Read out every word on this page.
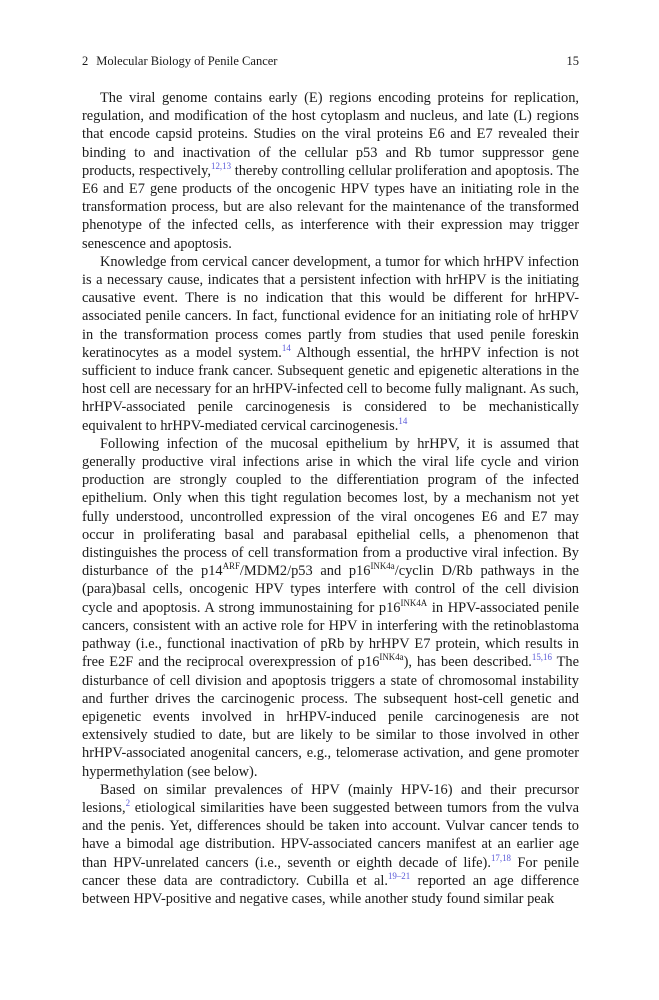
2 Molecular Biology of Penile Cancer	15

The viral genome contains early (E) regions encoding proteins for replication, regulation, and modification of the host cytoplasm and nucleus, and late (L) regions that encode capsid proteins. Studies on the viral proteins E6 and E7 revealed their binding to and inactivation of the cellular p53 and Rb tumor suppressor gene products, respectively,$^{12,13}$ thereby controlling cellular proliferation and apoptosis. The E6 and E7 gene products of the oncogenic HPV types have an initiating role in the transformation process, but are also relevant for the maintenance of the transformed phenotype of the infected cells, as interference with their expression may trigger senescence and apoptosis.

Knowledge from cervical cancer development, a tumor for which hrHPV infection is a necessary cause, indicates that a persistent infection with hrHPV is the initiating causative event. There is no indication that this would be different for hrHPV-associated penile cancers. In fact, functional evidence for an initiating role of hrHPV in the transformation process comes partly from studies that used penile foreskin keratinocytes as a model system.$^{14}$ Although essential, the hrHPV infection is not sufficient to induce frank cancer. Subsequent genetic and epigenetic alterations in the host cell are necessary for an hrHPV-infected cell to become fully malignant. As such, hrHPV-associated penile carcinogenesis is considered to be mechanistically equivalent to hrHPV-mediated cervical carcinogenesis.$^{14}$

Following infection of the mucosal epithelium by hrHPV, it is assumed that generally productive viral infections arise in which the viral life cycle and virion production are strongly coupled to the differentiation program of the infected epithelium. Only when this tight regulation becomes lost, by a mechanism not yet fully understood, uncontrolled expression of the viral oncogenes E6 and E7 may occur in proliferating basal and parabasal epithelial cells, a phenomenon that distinguishes the process of cell transformation from a productive viral infection. By disturbance of the $p14^{ARF}/MDM2/p53$ and $p16^{INK4a}$/cyclin D/Rb pathways in the (para)basal cells, oncogenic HPV types interfere with control of the cell division cycle and apoptosis. A strong immunostaining for $p16^{INK4A}$ in HPV-associated penile cancers, consistent with an active role for HPV in interfering with the retinoblastoma pathway (i.e., functional inactivation of pRb by hrHPV E7 protein, which results in free E2F and the reciprocal overexpression of $p16^{INK4a}$), has been described.$^{15,16}$ The disturbance of cell division and apoptosis triggers a state of chromosomal instability and further drives the carcinogenic process. The subsequent host-cell genetic and epigenetic events involved in hrHPV-induced penile carcinogenesis are not extensively studied to date, but are likely to be similar to those involved in other hrHPV-associated anogenital cancers, e.g., telomerase activation, and gene promoter hypermethylation (see below).

Based on similar prevalences of HPV (mainly HPV-16) and their precursor lesions,$^2$ etiological similarities have been suggested between tumors from the vulva and the penis. Yet, differences should be taken into account. Vulvar cancer tends to have a bimodal age distribution. HPV-associated cancers manifest at an earlier age than HPV-unrelated cancers (i.e., seventh or eighth decade of life).$^{17,18}$ For penile cancer these data are contradictory. Cubilla et al.$^{19-21}$ reported an age difference between HPV-positive and negative cases, while another study found similar peak
